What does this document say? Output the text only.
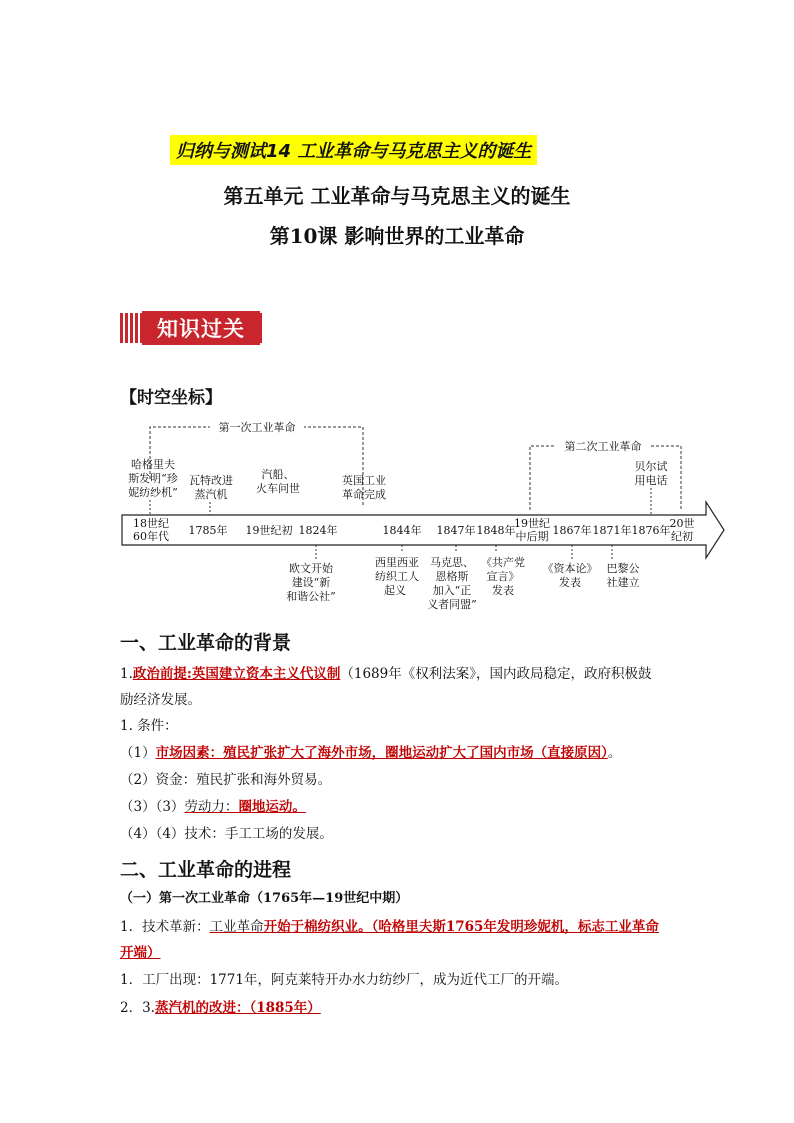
归纳与测试14 工业革命与马克思主义的诞生
第五单元 工业革命与马克思主义的诞生
第10课 影响世界的工业革命
知识过关
【时空坐标】
第一次工业革命
第二次工业革命
18世纪
60年代 1785年 19世纪初 1824年	1844年 1847年 1848年
19世纪
中后期 1867年 1871年 1876年
20世
纪初
哈格里夫
斯发明“珍
妮纺纱机”
瓦特改进
蒸汽机
汽船、
火车问世
英国工业
革命完成
贝尔试
用电话
欧文开始
建设“新
和谐公社”
西里西亚
纺织工人
起义
马克思、
恩格斯
加入“正
义者同盟”
《共产党
宣言》
发表
《资本论》
发表
巴黎公
社建立
一、工业革命的背景
1.政治前提:英国建立资本主义代议制（1689年《权利法案》，国内政局稳定，政府积极鼓
励经济发展。
1. 条件：
（1）市场因素：殖民扩张扩大了海外市场，圈地运动扩大了国内市场（直接原因）。
（2）资金：殖民扩张和海外贸易。
（3）（3）劳动力：圈地运动。
（4）（4）技术：手工工场的发展。
二、工业革命的进程
（一）第一次工业革命（1765年—19世纪中期）
1．技术革新：工业革命开始于棉纺织业。（哈格里夫斯1765年发明珍妮机，标志工业革命
开端）
1．工厂出现：1771年，阿克莱特开办水力纺纱厂，成为近代工厂的开端。
2．3.蒸汽机的改进：（1885年）
